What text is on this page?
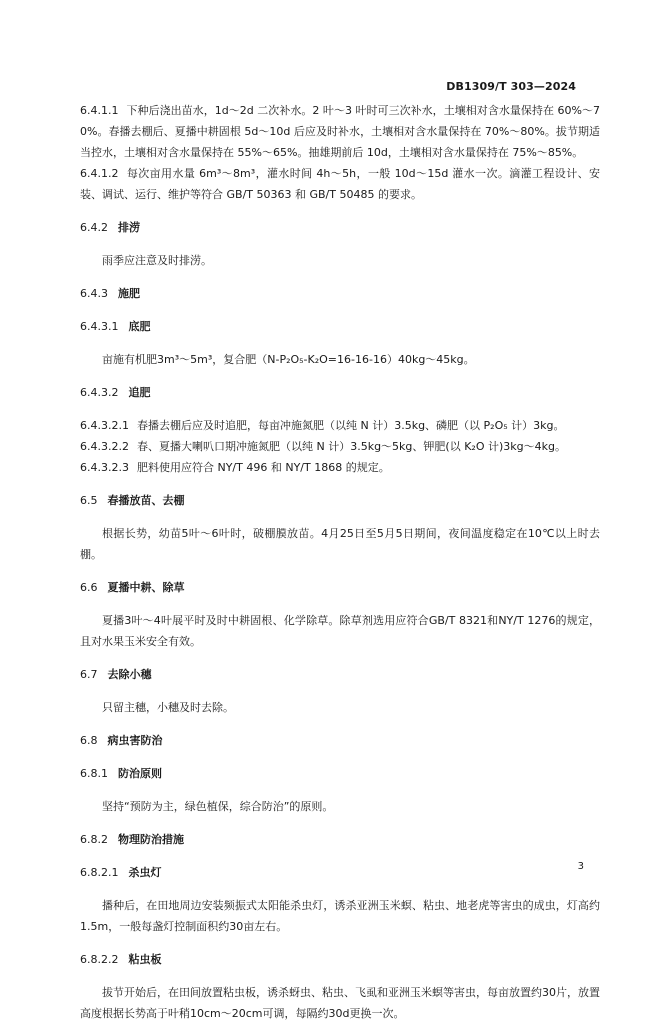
DB1309/T 303—2024

6.4.1.1 下种后浇出苗水，1d～2d 二次补水。2 叶～3 叶时可三次补水，土壤相对含水量保持在 60%～70%。春播去棚后、夏播中耕固根 5d～10d 后应及时补水，土壤相对含水量保持在 70%～80%。拔节期适当控水，土壤相对含水量保持在 55%～65%。抽雄期前后 10d，土壤相对含水量保持在 75%～85%。

6.4.1.2 每次亩用水量 6m³～8m³，灌水时间 4h～5h，一般 10d～15d 灌水一次。滴灌工程设计、安装、调试、运行、维护等符合 GB/T 50363 和 GB/T 50485 的要求。

6.4.2 排涝

雨季应注意及时排涝。

6.4.3 施肥
6.4.3.1 底肥

亩施有机肥3m³～5m³，复合肥（N-P₂O₅-K₂O=16-16-16）40kg～45kg。

6.4.3.2 追肥

6.4.3.2.1 春播去棚后应及时追肥，每亩冲施氮肥（以纯 N 计）3.5kg、磷肥（以 P₂O₅ 计）3kg。

6.4.3.2.2 春、夏播大喇叭口期冲施氮肥（以纯 N 计）3.5kg～5kg、钾肥(以 K₂O 计)3kg～4kg。

6.4.3.2.3 肥料使用应符合 NY/T 496 和 NY/T 1868 的规定。

6.5 春播放苗、去棚

根据长势，幼苗5叶～6叶时，破棚膜放苗。4月25日至5月5日期间，夜间温度稳定在10℃以上时去棚。

6.6 夏播中耕、除草

夏播3叶～4叶展平时及时中耕固根、化学除草。除草剂选用应符合GB/T 8321和NY/T 1276的规定，且对水果玉米安全有效。

6.7 去除小穗

只留主穗，小穗及时去除。

6.8 病虫害防治
6.8.1 防治原则

坚持“预防为主，绿色植保，综合防治”的原则。

6.8.2 物理防治措施
6.8.2.1 杀虫灯

播种后，在田地周边安装频振式太阳能杀虫灯，诱杀亚洲玉米螟、粘虫、地老虎等害虫的成虫，灯高约1.5m，一般每盏灯控制面积约30亩左右。

6.8.2.2 粘虫板

拔节开始后，在田间放置粘虫板，诱杀蚜虫、粘虫、飞虱和亚洲玉米螟等害虫，每亩放置约30片，放置高度根据长势高于叶稍10cm～20cm可调，每隔约30d更换一次。

3
